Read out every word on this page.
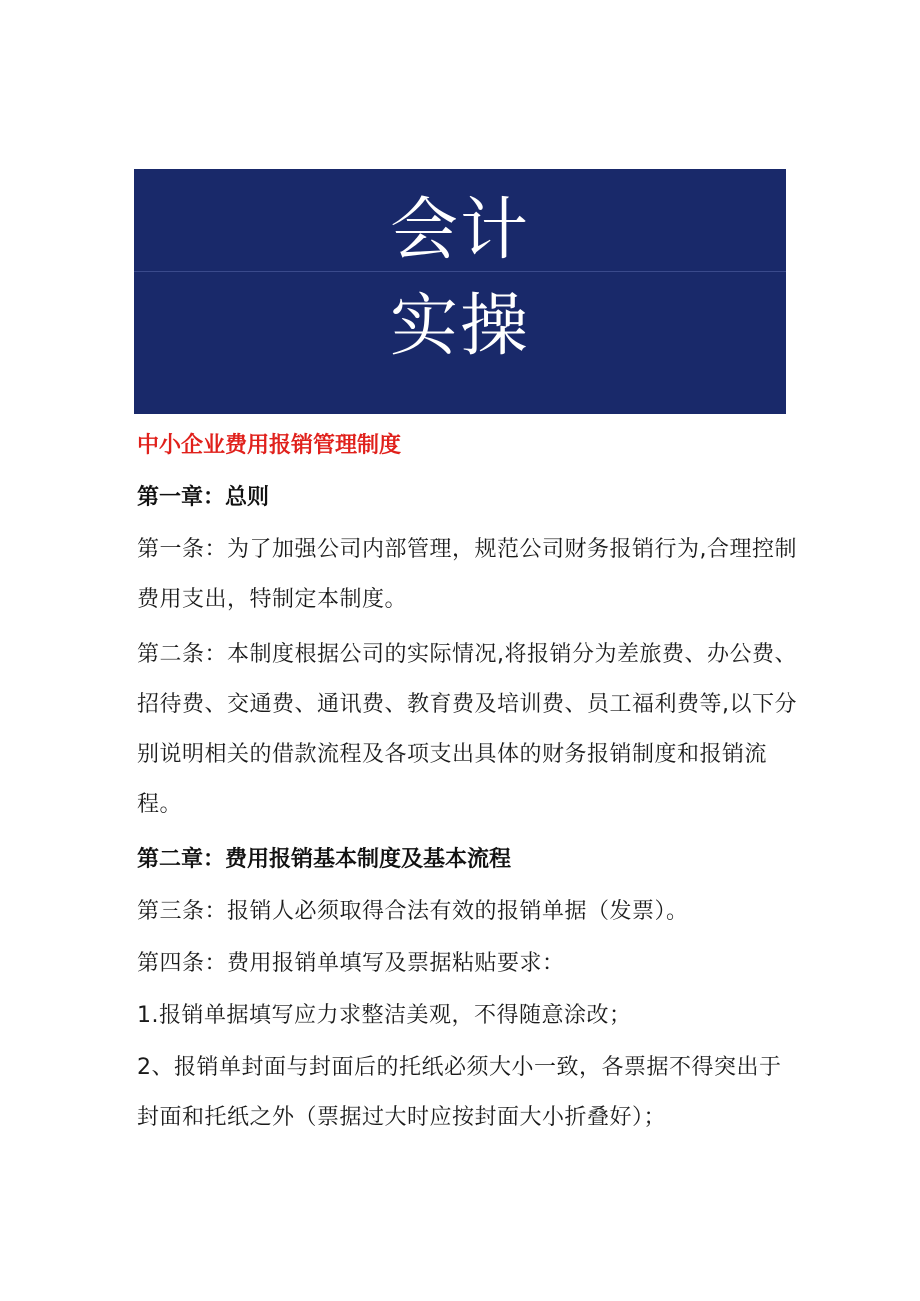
会计
实操
中小企业费用报销管理制度
第一章：总则
第一条：为了加强公司内部管理，规范公司财务报销行为,合理控制费用支出，特制定本制度。
第二条：本制度根据公司的实际情况,将报销分为差旅费、办公费、招待费、交通费、通讯费、教育费及培训费、员工福利费等,以下分别说明相关的借款流程及各项支出具体的财务报销制度和报销流程。
第二章：费用报销基本制度及基本流程
第三条：报销人必须取得合法有效的报销单据（发票）。
第四条：费用报销单填写及票据粘贴要求：
1.报销单据填写应力求整洁美观，不得随意涂改；
2、报销单封面与封面后的托纸必须大小一致，各票据不得突出于封面和托纸之外（票据过大时应按封面大小折叠好）；
